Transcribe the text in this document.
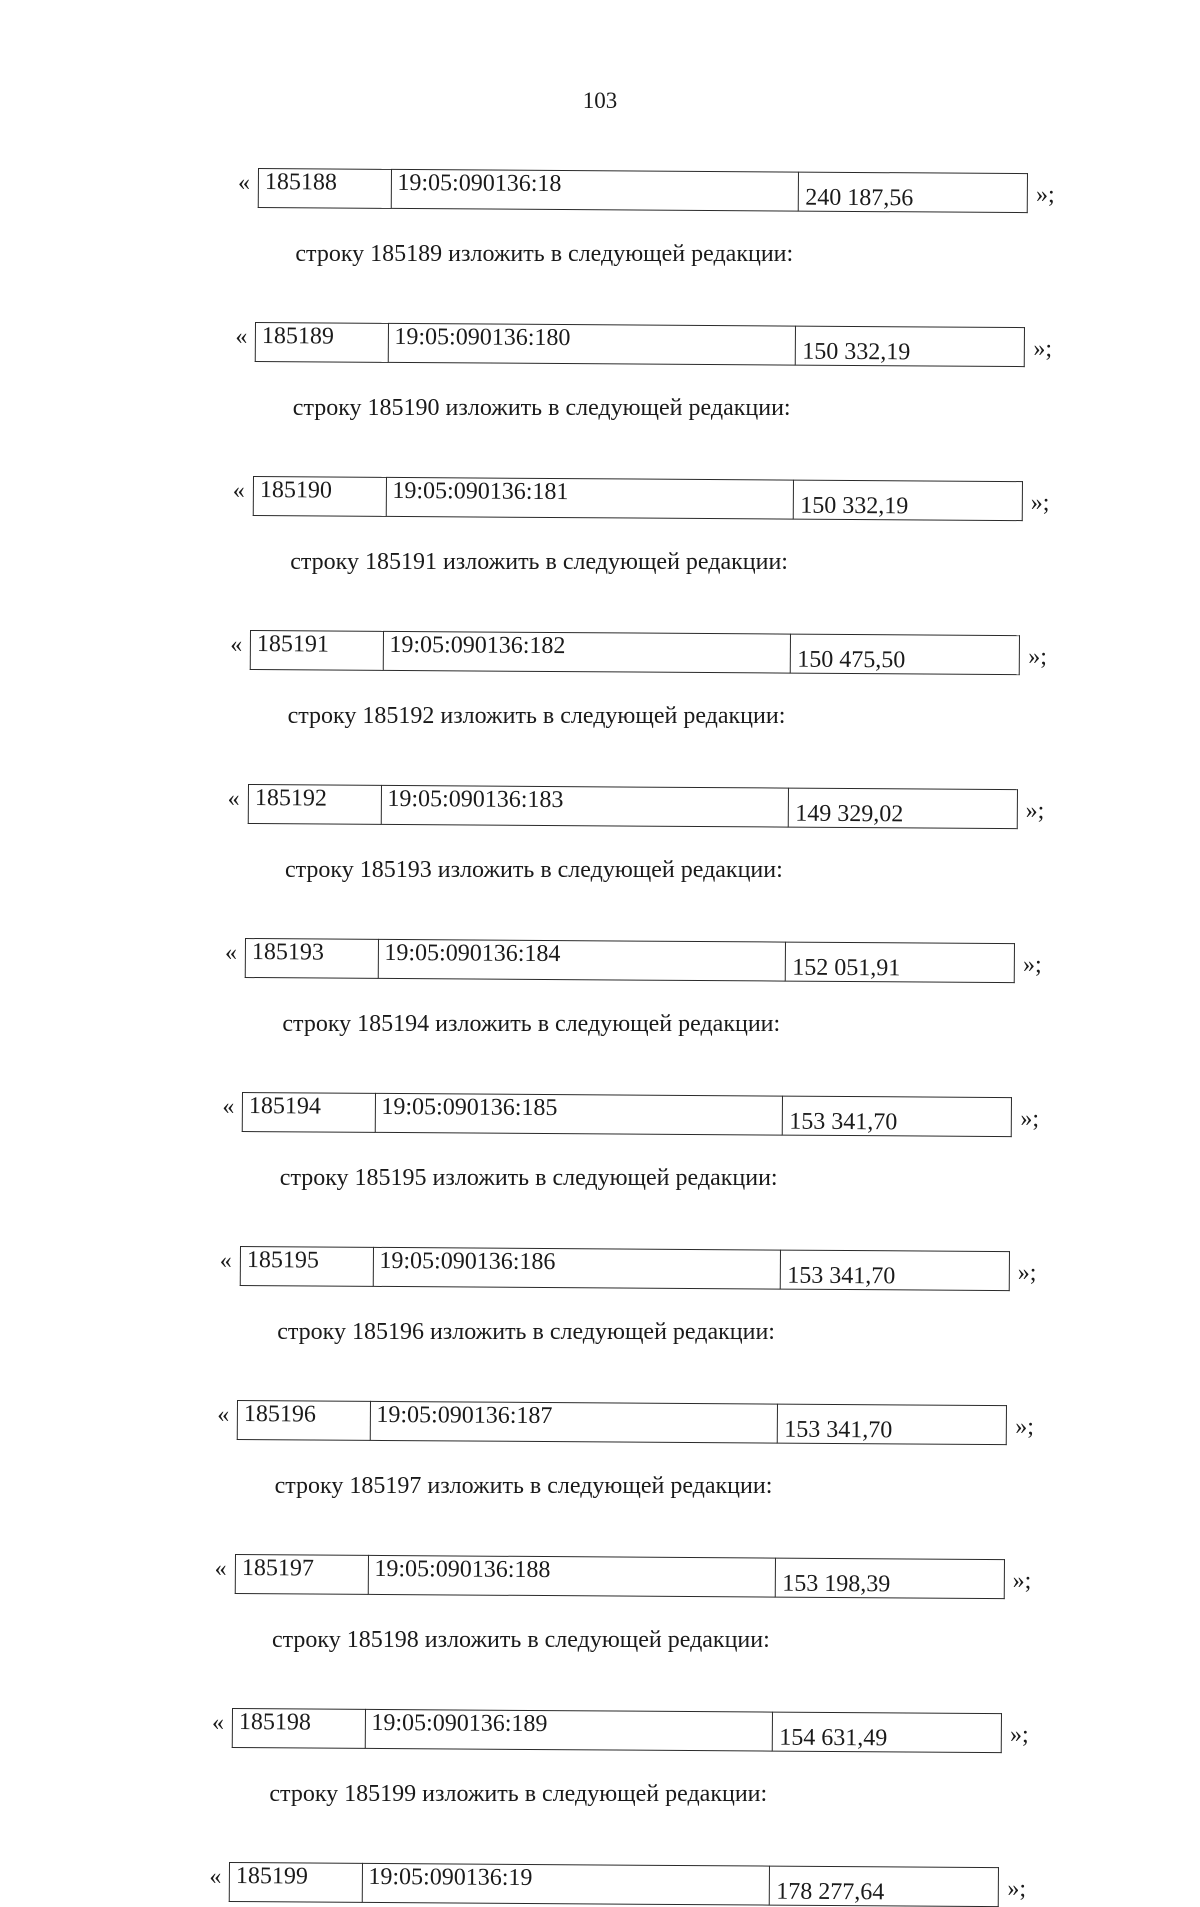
103
« 185188	19:05:090136:18	240 187,56	»;
строку 185189 изложить в следующей редакции:
« 185189	19:05:090136:180	150 332,19	»;
строку 185190 изложить в следующей редакции:
« 185190	19:05:090136:181	150 332,19	»;
строку 185191 изложить в следующей редакции:
« 185191	19:05:090136:182	150 475,50	»;
строку 185192 изложить в следующей редакции:
« 185192	19:05:090136:183	149 329,02	»;
строку 185193 изложить в следующей редакции:
« 185193	19:05:090136:184	152 051,91	»;
строку 185194 изложить в следующей редакции:
« 185194	19:05:090136:185	153 341,70	»;
строку 185195 изложить в следующей редакции:
« 185195	19:05:090136:186	153 341,70	»;
строку 185196 изложить в следующей редакции:
« 185196	19:05:090136:187	153 341,70	»;
строку 185197 изложить в следующей редакции:
« 185197	19:05:090136:188	153 198,39	»;
строку 185198 изложить в следующей редакции:
« 185198	19:05:090136:189	154 631,49	»;
строку 185199 изложить в следующей редакции:
« 185199	19:05:090136:19	178 277,64	»;
